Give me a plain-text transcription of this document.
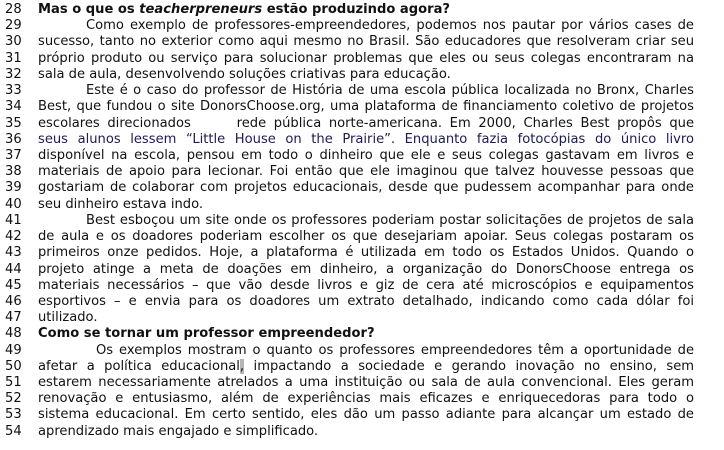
28	Mas o que os teacherpreneurs estão produzindo agora?
29	Como exemplo de professores-empreendedores, podemos nos pautar por vários cases de
30	sucesso, tanto no exterior como aqui mesmo no Brasil. São educadores que resolveram criar seu
31	próprio produto ou serviço para solucionar problemas que eles ou seus colegas encontraram na
32	sala de aula, desenvolvendo soluções criativas para educação.
33	Este é o caso do professor de História de uma escola pública localizada no Bronx, Charles
34	Best, que fundou o site DonorsChoose.org, uma plataforma de financiamento coletivo de projetos
35	escolares direcionados      rede pública norte-americana. Em 2000, Charles Best propôs que
36	seus alunos lessem “Little House on the Prairie”. Enquanto fazia fotocópias do único livro
37	disponível na escola, pensou em todo o dinheiro que ele e seus colegas gastavam em livros e
38	materiais de apoio para lecionar. Foi então que ele imaginou que talvez houvesse pessoas que
39	gostariam de colaborar com projetos educacionais, desde que pudessem acompanhar para onde
40	seu dinheiro estava indo.
41	Best esboçou um site onde os professores poderiam postar solicitações de projetos de sala
42	de aula e os doadores poderiam escolher os que desejariam apoiar. Seus colegas postaram os
43	primeiros onze pedidos. Hoje, a plataforma é utilizada em todo os Estados Unidos. Quando o
44	projeto atinge a meta de doações em dinheiro, a organização do DonorsChoose entrega os
45	materiais necessários – que vão desde livros e giz de cera até microscópios e equipamentos
46	esportivos – e envia para os doadores um extrato detalhado, indicando como cada dólar foi
47	utilizado.
48	Como se tornar um professor empreendedor?
49	Os exemplos mostram o quanto os professores empreendedores têm a oportunidade de
50	afetar a política educacional, impactando a sociedade e gerando inovação no ensino, sem
51	estarem necessariamente atrelados a uma instituição ou sala de aula convencional. Eles geram
52	renovação e entusiasmo, além de experiências mais eficazes e enriquecedoras para todo o
53	sistema educacional. Em certo sentido, eles dão um passo adiante para alcançar um estado de
54	aprendizado mais engajado e simplificado.
